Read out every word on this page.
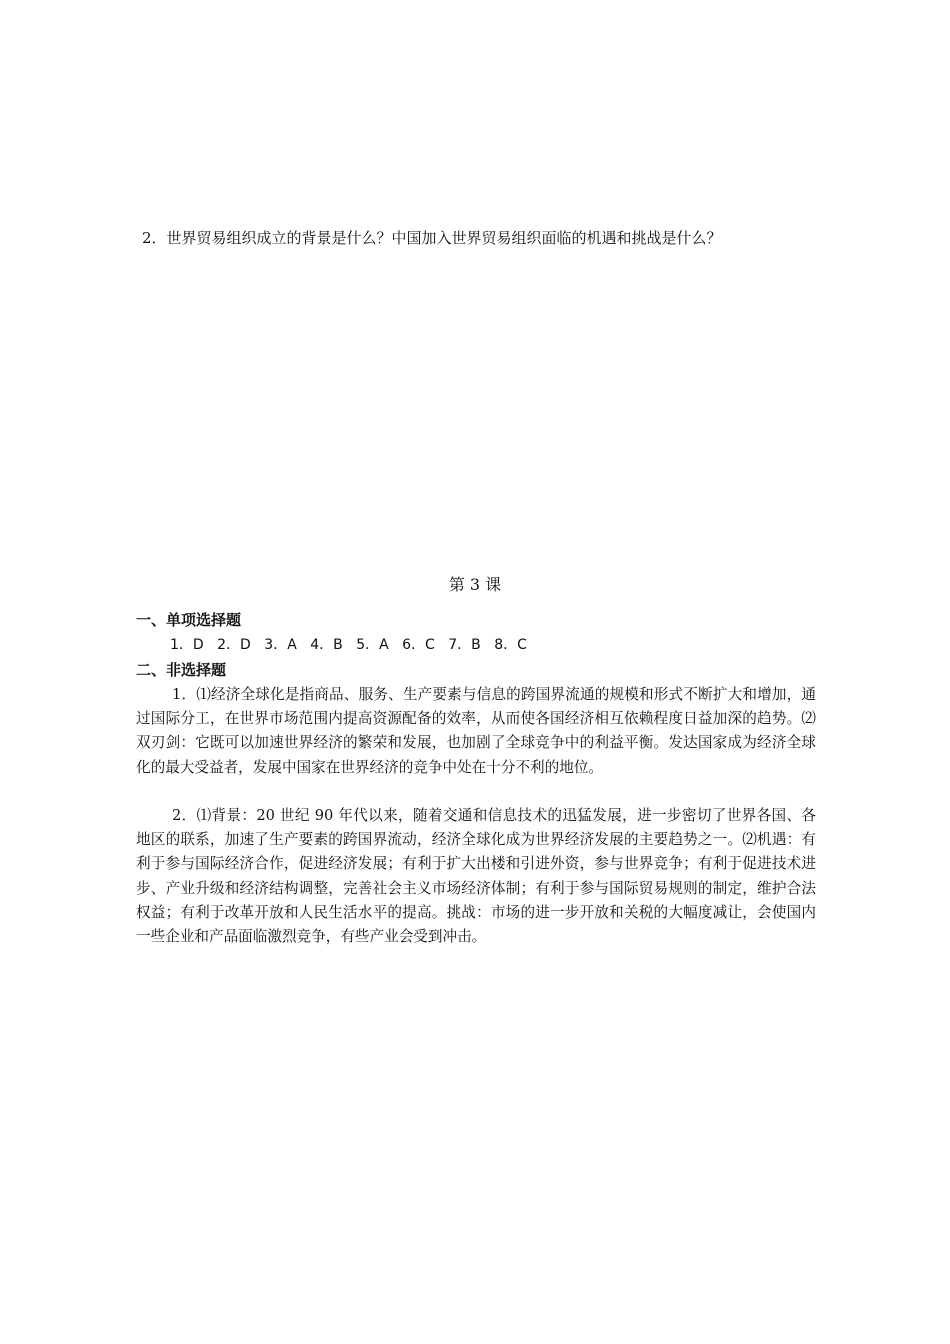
2．世界贸易组织成立的背景是什么？中国加入世界贸易组织面临的机遇和挑战是什么？
第 3 课
一、单项选择题
1．D 2．D 3．A 4．B 5．A 6．C 7．B 8．C
二、非选择题

1．⑴经济全球化是指商品、服务、生产要素与信息的跨国界流通的规模和形式不断扩大和增加，通过国际分工，在世界市场范围内提高资源配备的效率，从而使各国经济相互依赖程度日益加深的趋势。⑵双刃剑：它既可以加速世界经济的繁荣和发展，也加剧了全球竞争中的利益平衡。发达国家成为经济全球化的最大受益者，发展中国家在世界经济的竞争中处在十分不利的地位。

2．⑴背景：20 世纪 90 年代以来，随着交通和信息技术的迅猛发展，进一步密切了世界各国、各地区的联系，加速了生产要素的跨国界流动，经济全球化成为世界经济发展的主要趋势之一。⑵机遇：有利于参与国际经济合作，促进经济发展；有利于扩大出楼和引进外资，参与世界竞争；有利于促进技术进步、产业升级和经济结构调整，完善社会主义市场经济体制；有利于参与国际贸易规则的制定，维护合法权益；有利于改革开放和人民生活水平的提高。挑战：市场的进一步开放和关税的大幅度减让，会使国内一些企业和产品面临激烈竞争，有些产业会受到冲击。
